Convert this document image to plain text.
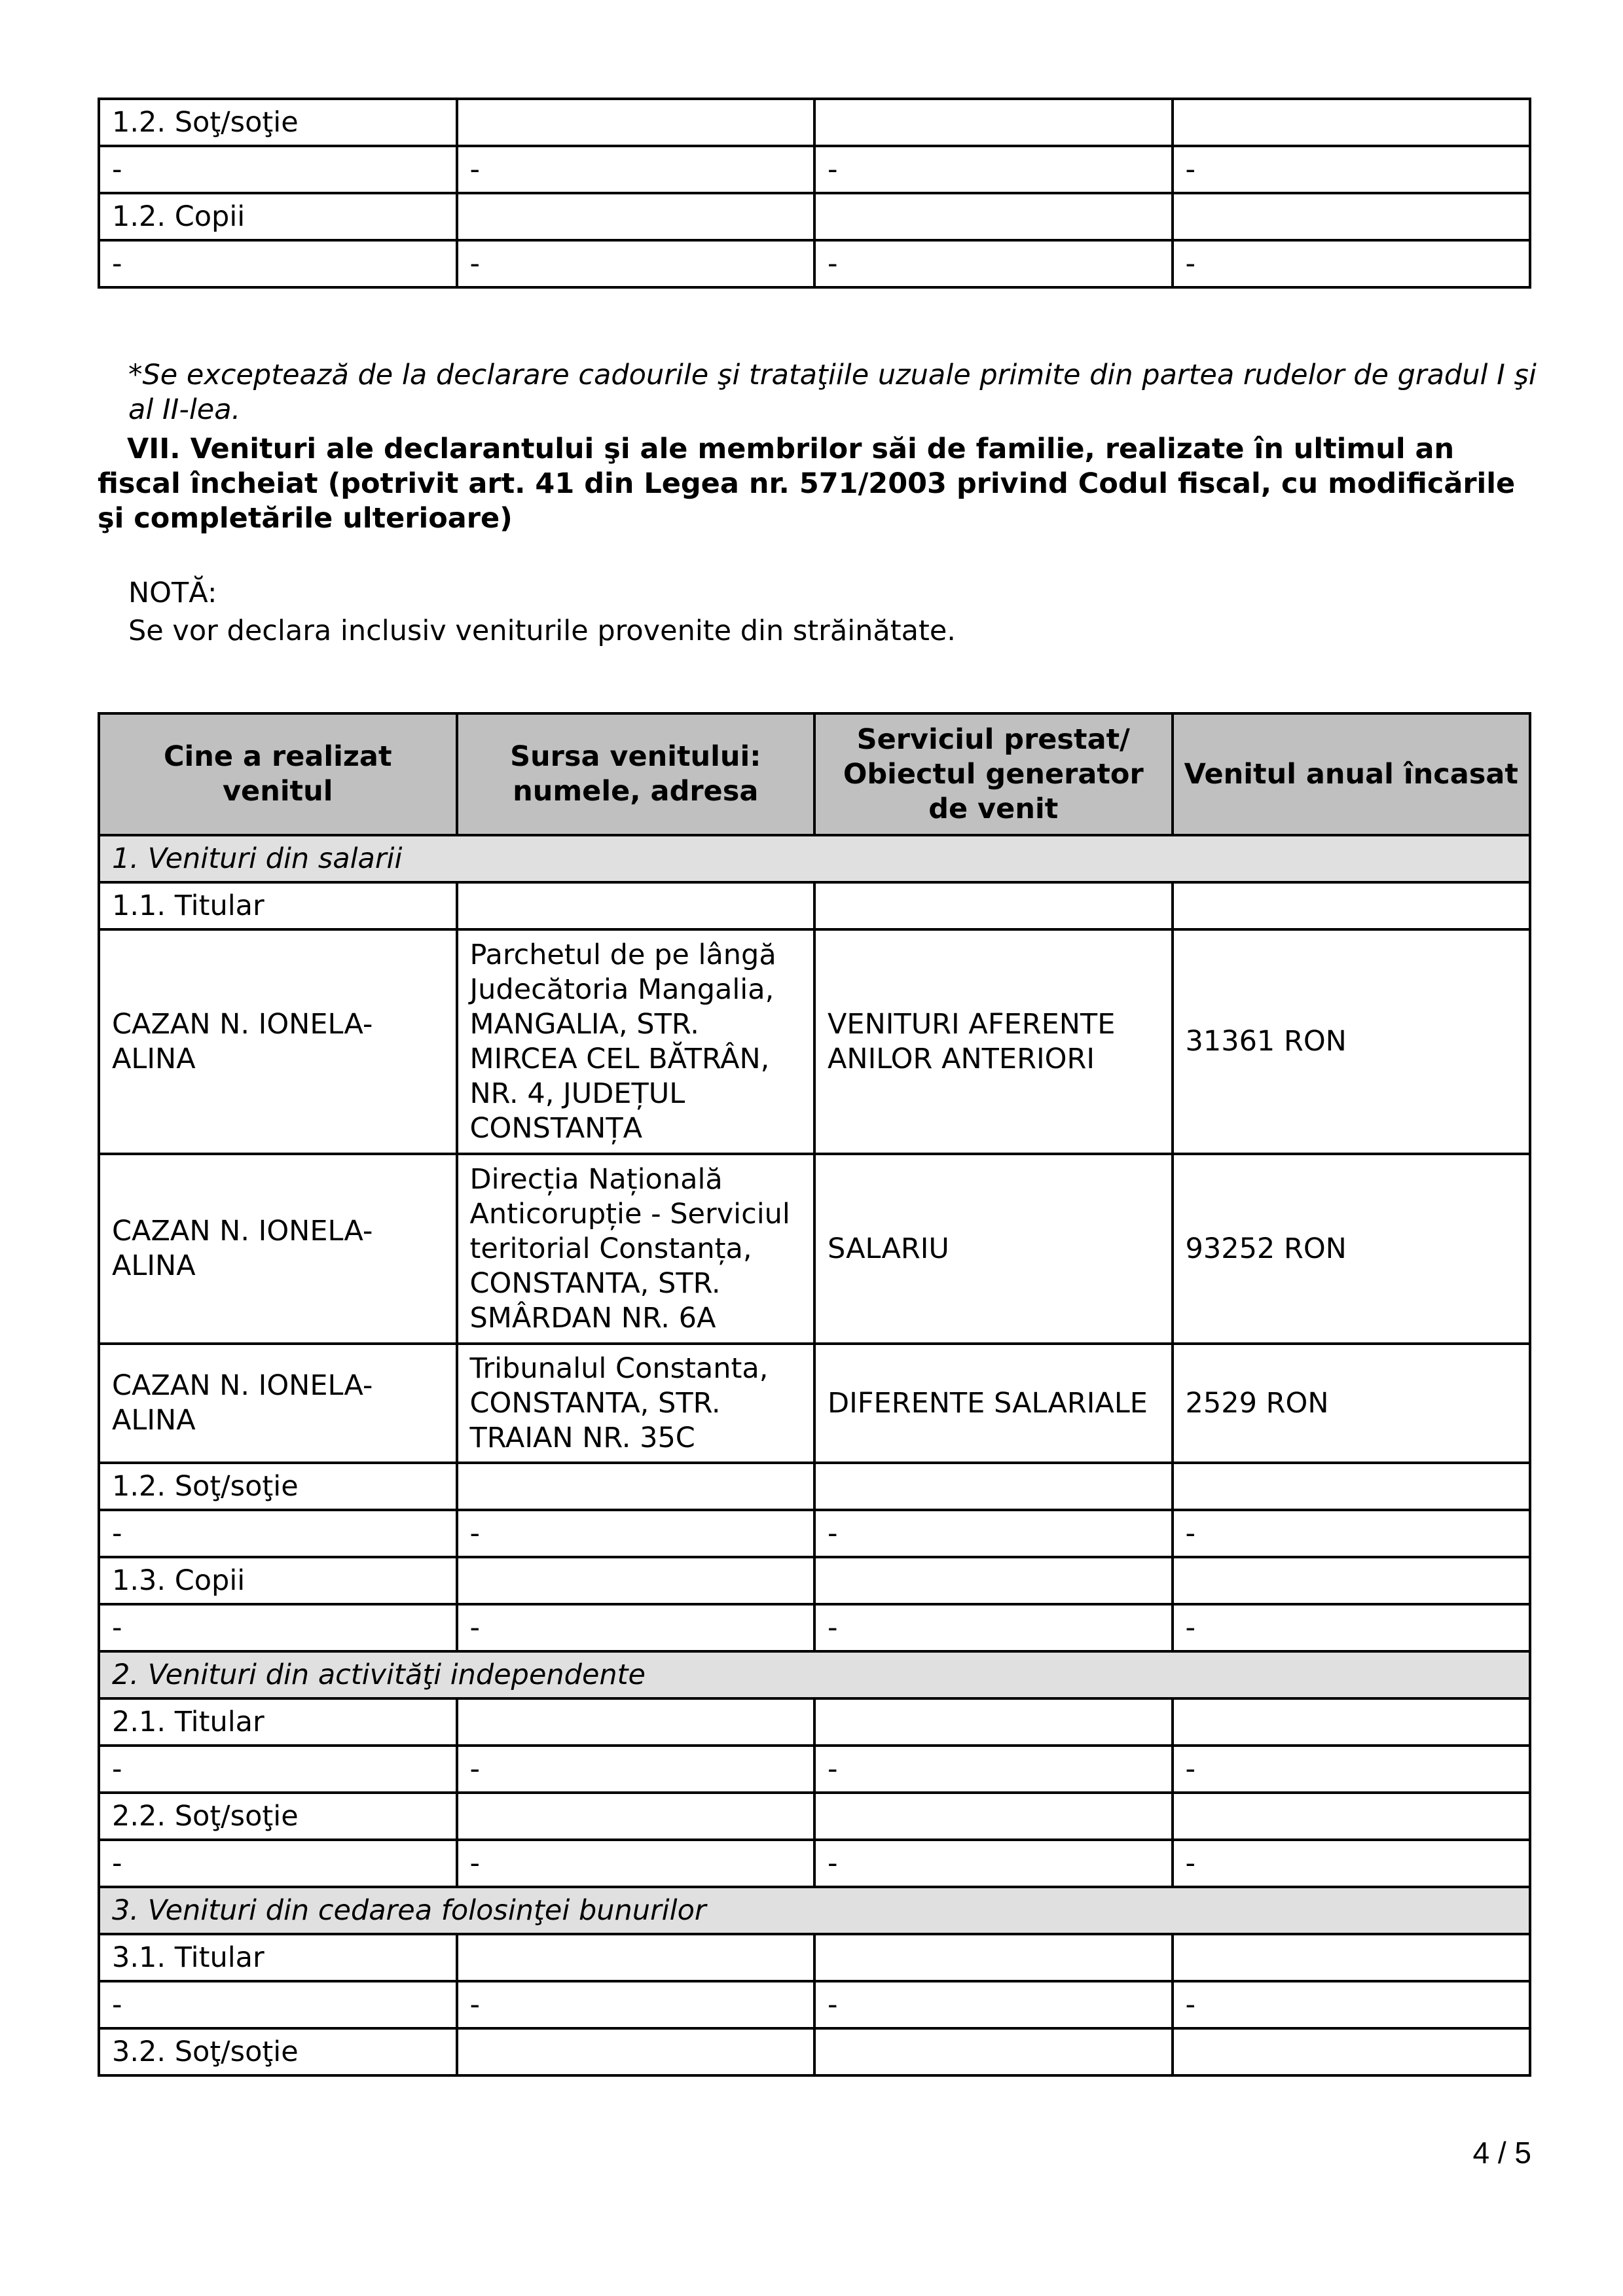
1.2. Soţ/soţie			
-	-	-	-
1.2. Copii			
-	-	-	-

*Se exceptează de la declarare cadourile şi trataţiile uzuale primite din partea rudelor de gradul I şi al II-lea.

VII. Venituri ale declarantului şi ale membrilor săi de familie, realizate în ultimul an fiscal încheiat (potrivit art. 41 din Legea nr. 571/2003 privind Codul fiscal, cu modificările şi completările ulterioare)

NOTĂ:

Se vor declara inclusiv veniturile provenite din străinătate.

Cine a realizat venitul	Sursa venitului: numele, adresa	Serviciul prestat/ Obiectul generator de venit	Venitul anual încasat
1. Venituri din salarii			
1.1. Titular			
CAZAN N. IONELA-ALINA	Parchetul de pe lângă Judecătoria Mangalia, MANGALIA, STR. MIRCEA CEL BĂTRÂN, NR. 4, JUDEȚUL CONSTANȚA	VENITURI AFERENTE ANILOR ANTERIORI	31361 RON
CAZAN N. IONELA-ALINA	Direcția Națională Anticorupție - Serviciul teritorial Constanța, CONSTANTA, STR. SMÂRDAN NR. 6A	SALARIU	93252 RON
CAZAN N. IONELA-ALINA	Tribunalul Constanta, CONSTANTA, STR. TRAIAN NR. 35C	DIFERENTE SALARIALE	2529 RON
1.2. Soţ/soţie			
-	-	-	-
1.3. Copii			
-	-	-	-
2. Venituri din activităţi independente			
2.1. Titular			
-	-	-	-
2.2. Soţ/soţie			
-	-	-	-
3. Venituri din cedarea folosinţei bunurilor			
3.1. Titular			
-	-	-	-
3.2. Soţ/soţie			
4 / 5
